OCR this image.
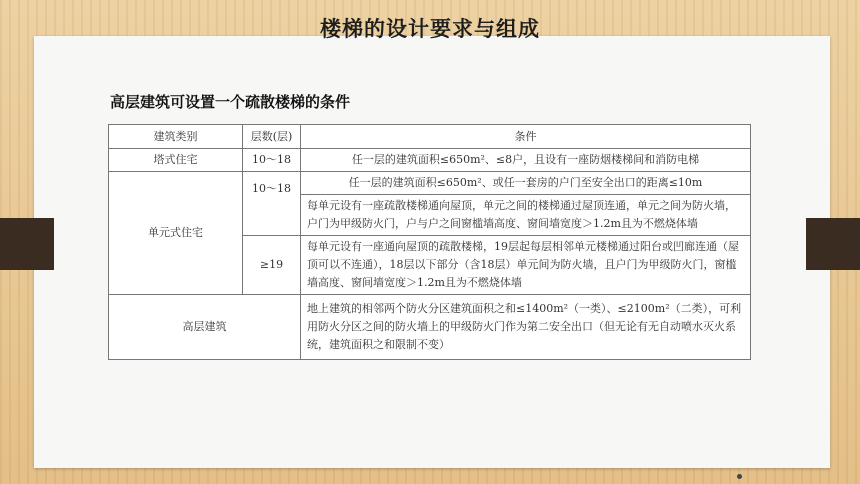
楼梯的设计要求与组成
高层建筑可设置一个疏散楼梯的条件
建筑类别	层数(层)	条件
塔式住宅	10～18	任一层的建筑面积≤650m²、≤8户，且设有一座防烟楼梯间和消防电梯
单元式住宅	10～18	任一层的建筑面积≤650m²、或任一套房的户门至安全出口的距离≤10m
		每单元设有一座疏散楼梯通向屋顶，单元之间的楼梯通过屋顶连通，单元之间为防火墙，户门为甲级防火门，户与户之间窗槛墙高度、窗间墙宽度＞1.2m且为不燃烧体墙
	≥19	每单元设有一座通向屋顶的疏散楼梯，19层起每层相邻单元楼梯通过阳台或凹廊连通（屋顶可以不连通），18层以下部分（含18层）单元间为防火墙，且户门为甲级防火门，窗槛墙高度、窗间墙宽度＞1.2m且为不燃烧体墙
高层建筑		地上建筑的相邻两个防火分区建筑面积之和≤1400m²（一类）、≤2100m²（二类），可利用防火分区之间的防火墙上的甲级防火门作为第二安全出口（但无论有无自动喷水灭火系统，建筑面积之和限制不变）
